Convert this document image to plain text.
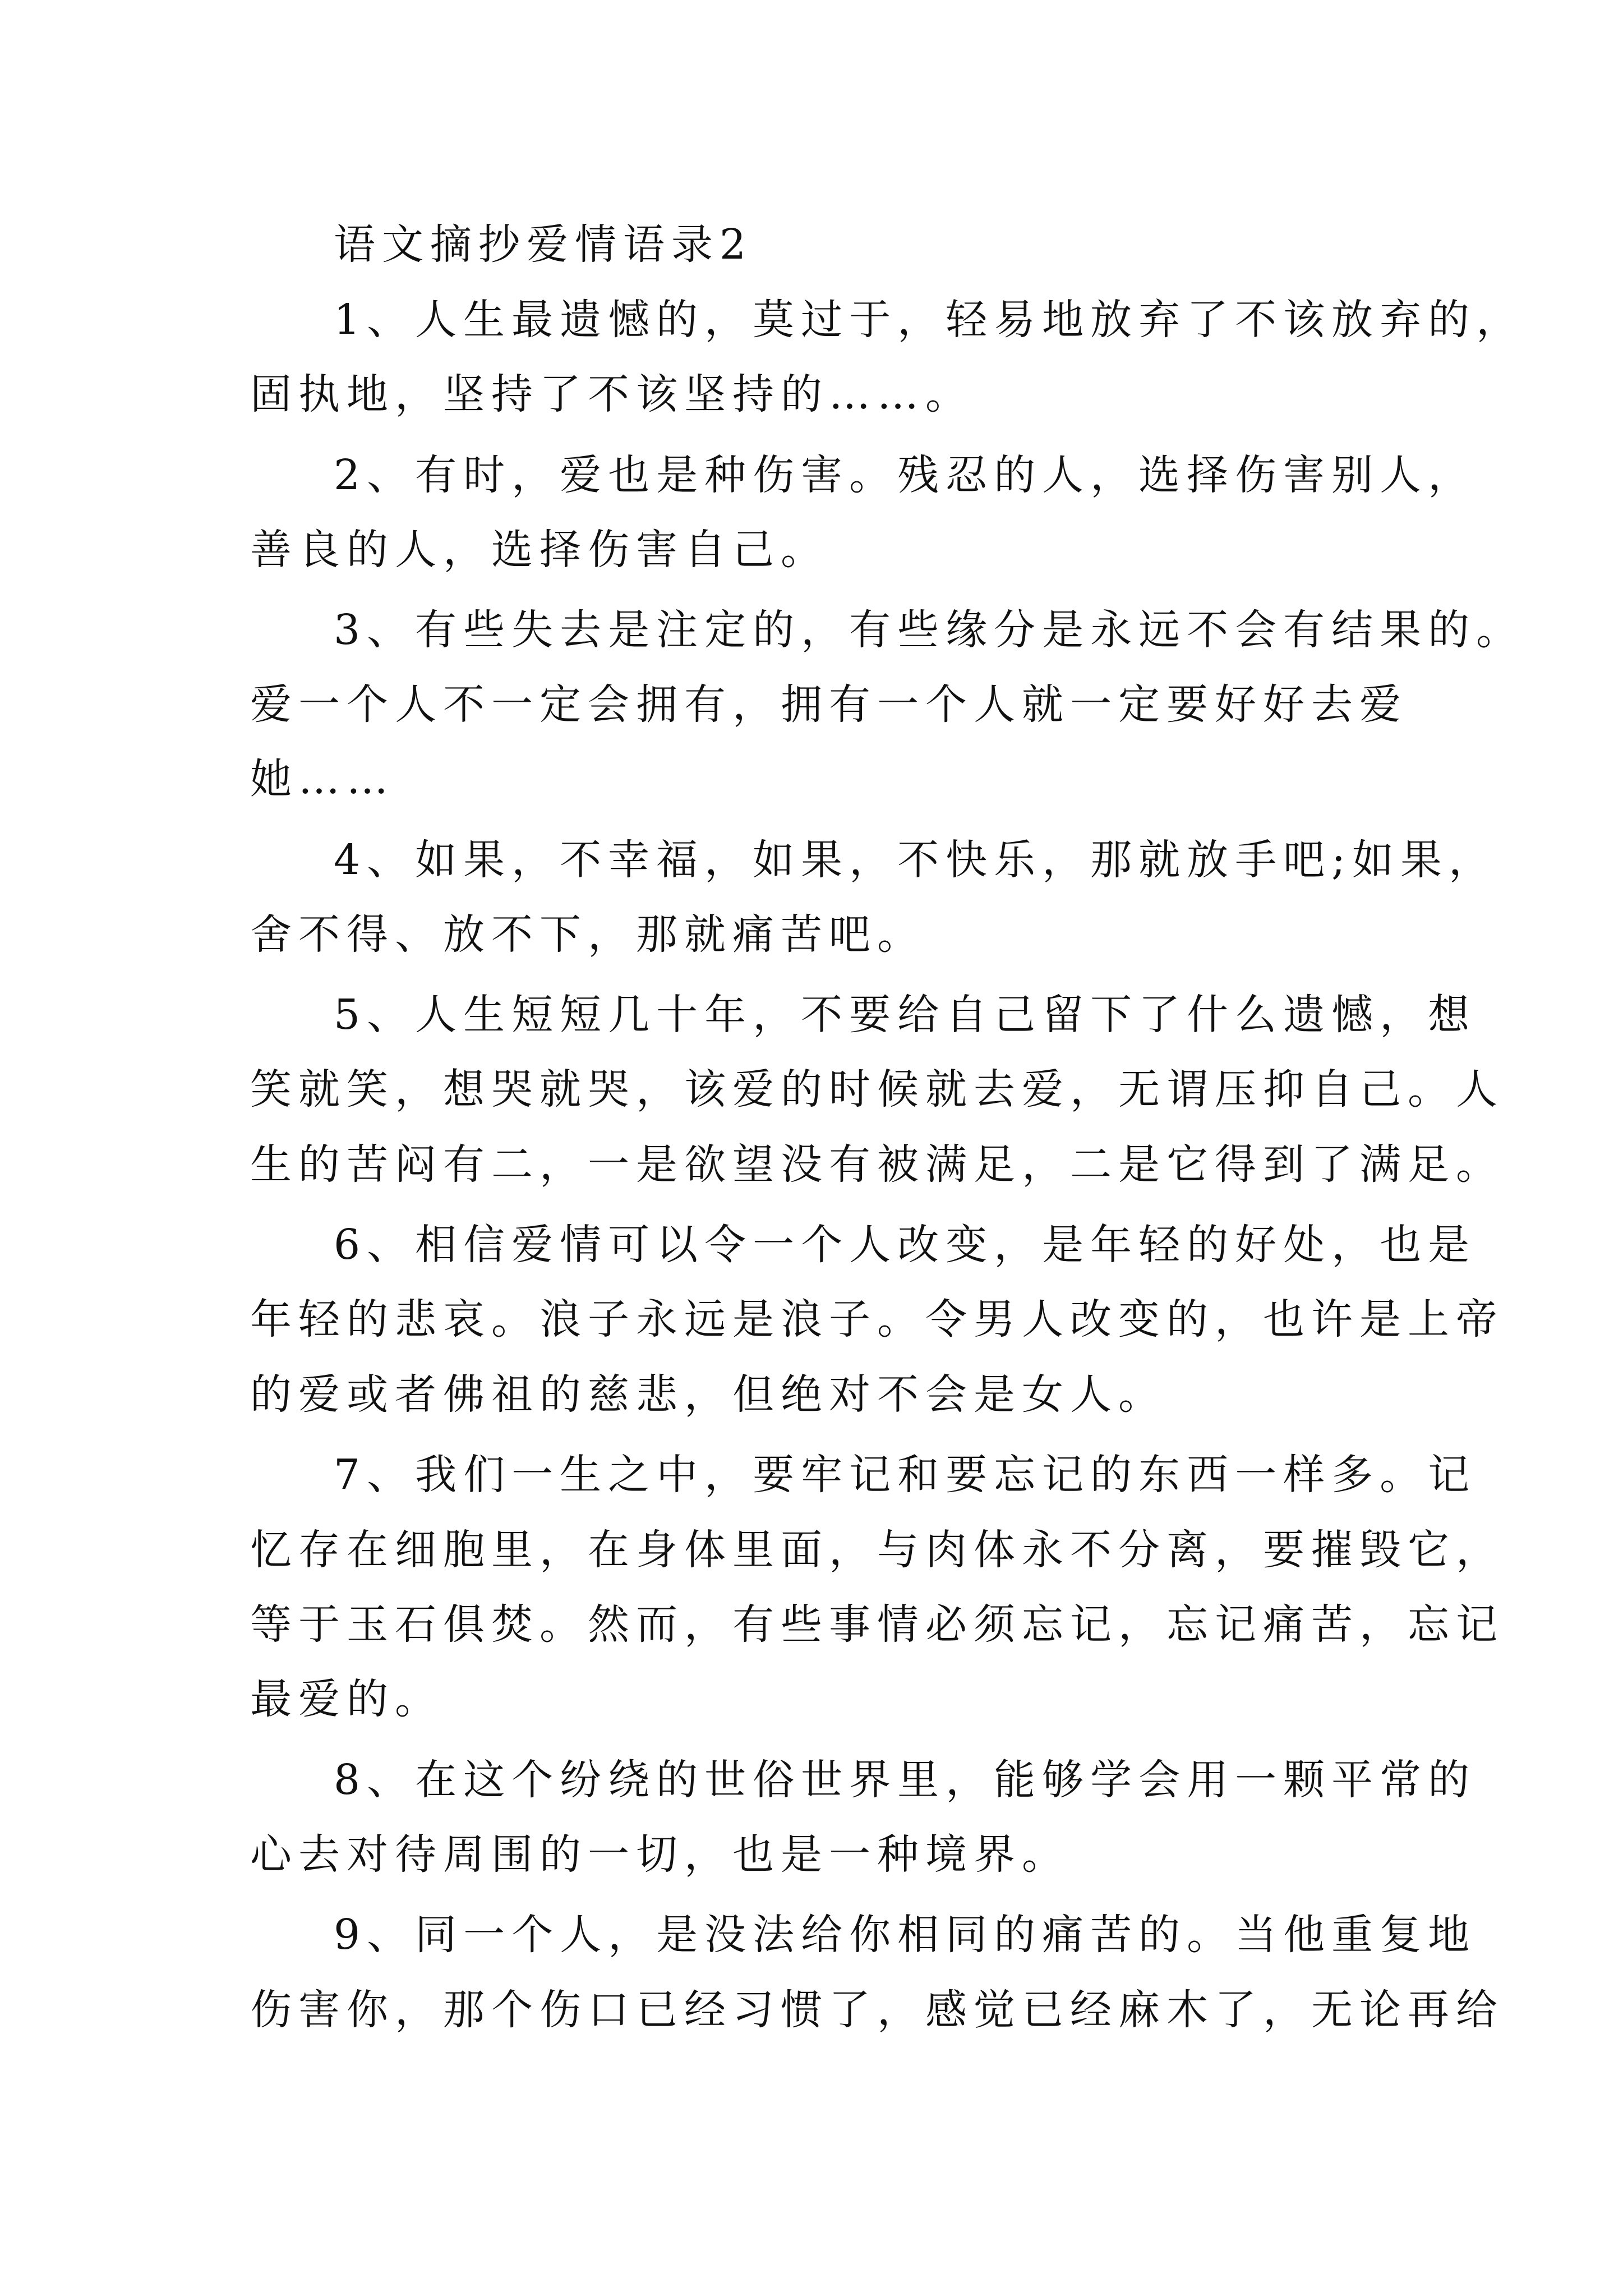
语文摘抄爱情语录2
1、人生最遗憾的，莫过于，轻易地放弃了不该放弃的，
固执地，坚持了不该坚持的……。
2、有时，爱也是种伤害。残忍的人，选择伤害别人，
善良的人，选择伤害自己。
3、有些失去是注定的，有些缘分是永远不会有结果的。
爱一个人不一定会拥有，拥有一个人就一定要好好去爱
她……
4、如果，不幸福，如果，不快乐，那就放手吧;如果，
舍不得、放不下，那就痛苦吧。
5、人生短短几十年，不要给自己留下了什么遗憾，想
笑就笑，想哭就哭，该爱的时候就去爱，无谓压抑自己。人
生的苦闷有二，一是欲望没有被满足，二是它得到了满足。
6、相信爱情可以令一个人改变，是年轻的好处，也是
年轻的悲哀。浪子永远是浪子。令男人改变的，也许是上帝
的爱或者佛祖的慈悲，但绝对不会是女人。
7、我们一生之中，要牢记和要忘记的东西一样多。记
忆存在细胞里，在身体里面，与肉体永不分离，要摧毁它，
等于玉石俱焚。然而，有些事情必须忘记，忘记痛苦，忘记
最爱的。
8、在这个纷绕的世俗世界里，能够学会用一颗平常的
心去对待周围的一切，也是一种境界。
9、同一个人，是没法给你相同的痛苦的。当他重复地
伤害你，那个伤口已经习惯了，感觉已经麻木了，无论再给
